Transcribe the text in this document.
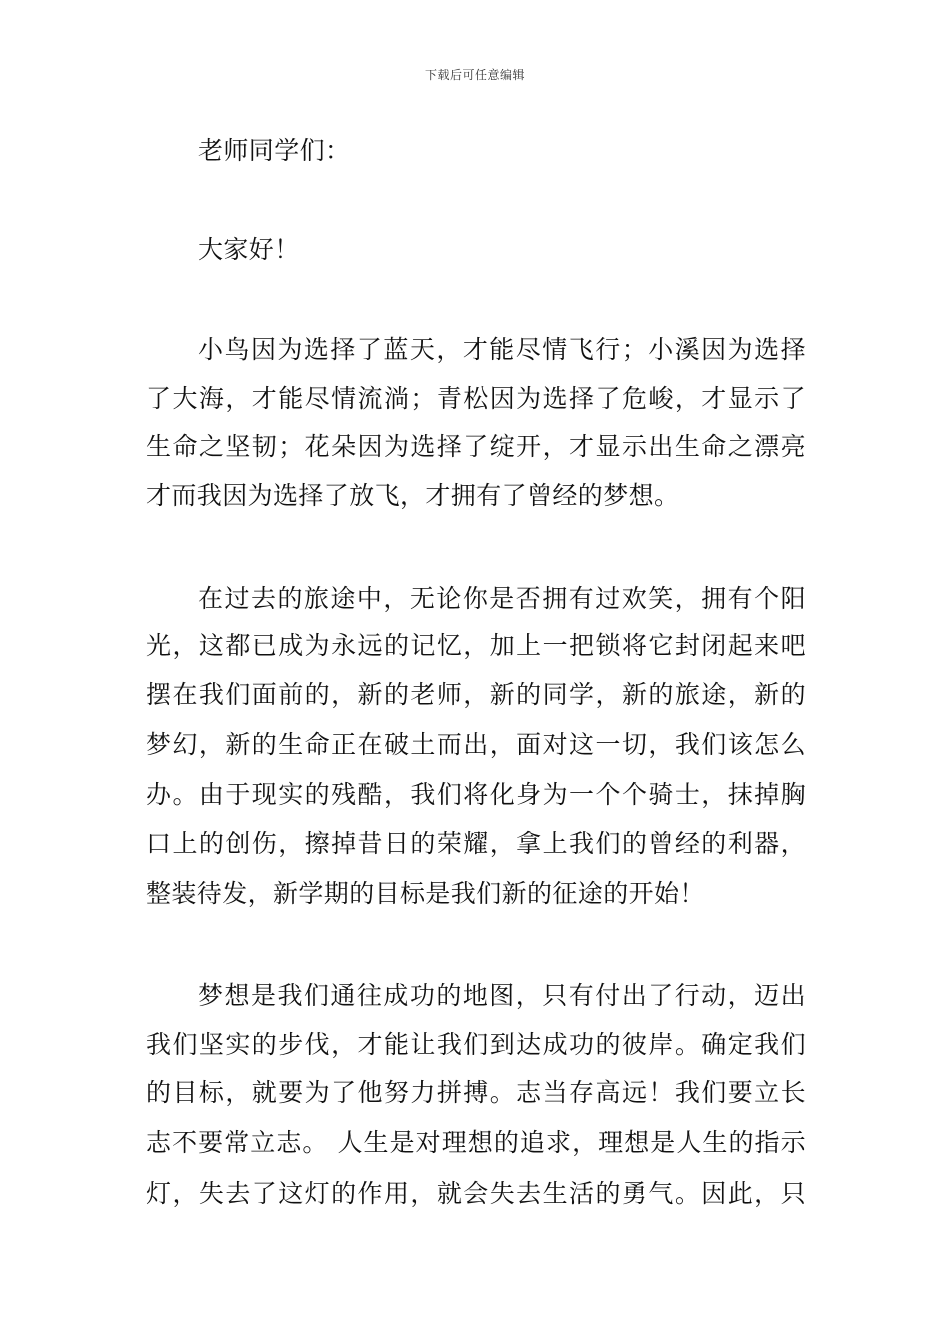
下载后可任意编辑
老师同学们：
大家好！
小鸟因为选择了蓝天，才能尽情飞行；小溪因为选择
了大海，才能尽情流淌；青松因为选择了危峻，才显示了
生命之坚韧；花朵因为选择了绽开，才显示出生命之漂亮
才而我因为选择了放飞，才拥有了曾经的梦想。
在过去的旅途中，无论你是否拥有过欢笑，拥有个阳
光，这都已成为永远的记忆，加上一把锁将它封闭起来吧
摆在我们面前的，新的老师，新的同学，新的旅途，新的
梦幻，新的生命正在破土而出，面对这一切，我们该怎么
办。由于现实的残酷，我们将化身为一个个骑士，抹掉胸
口上的创伤，擦掉昔日的荣耀，拿上我们的曾经的利器，
整装待发，新学期的目标是我们新的征途的开始！
梦想是我们通往成功的地图，只有付出了行动，迈出
我们坚实的步伐，才能让我们到达成功的彼岸。确定我们
的目标，就要为了他努力拼搏。志当存高远！我们要立长
志不要常立志。 人生是对理想的追求，理想是人生的指示
灯，失去了这灯的作用，就会失去生活的勇气。因此，只
